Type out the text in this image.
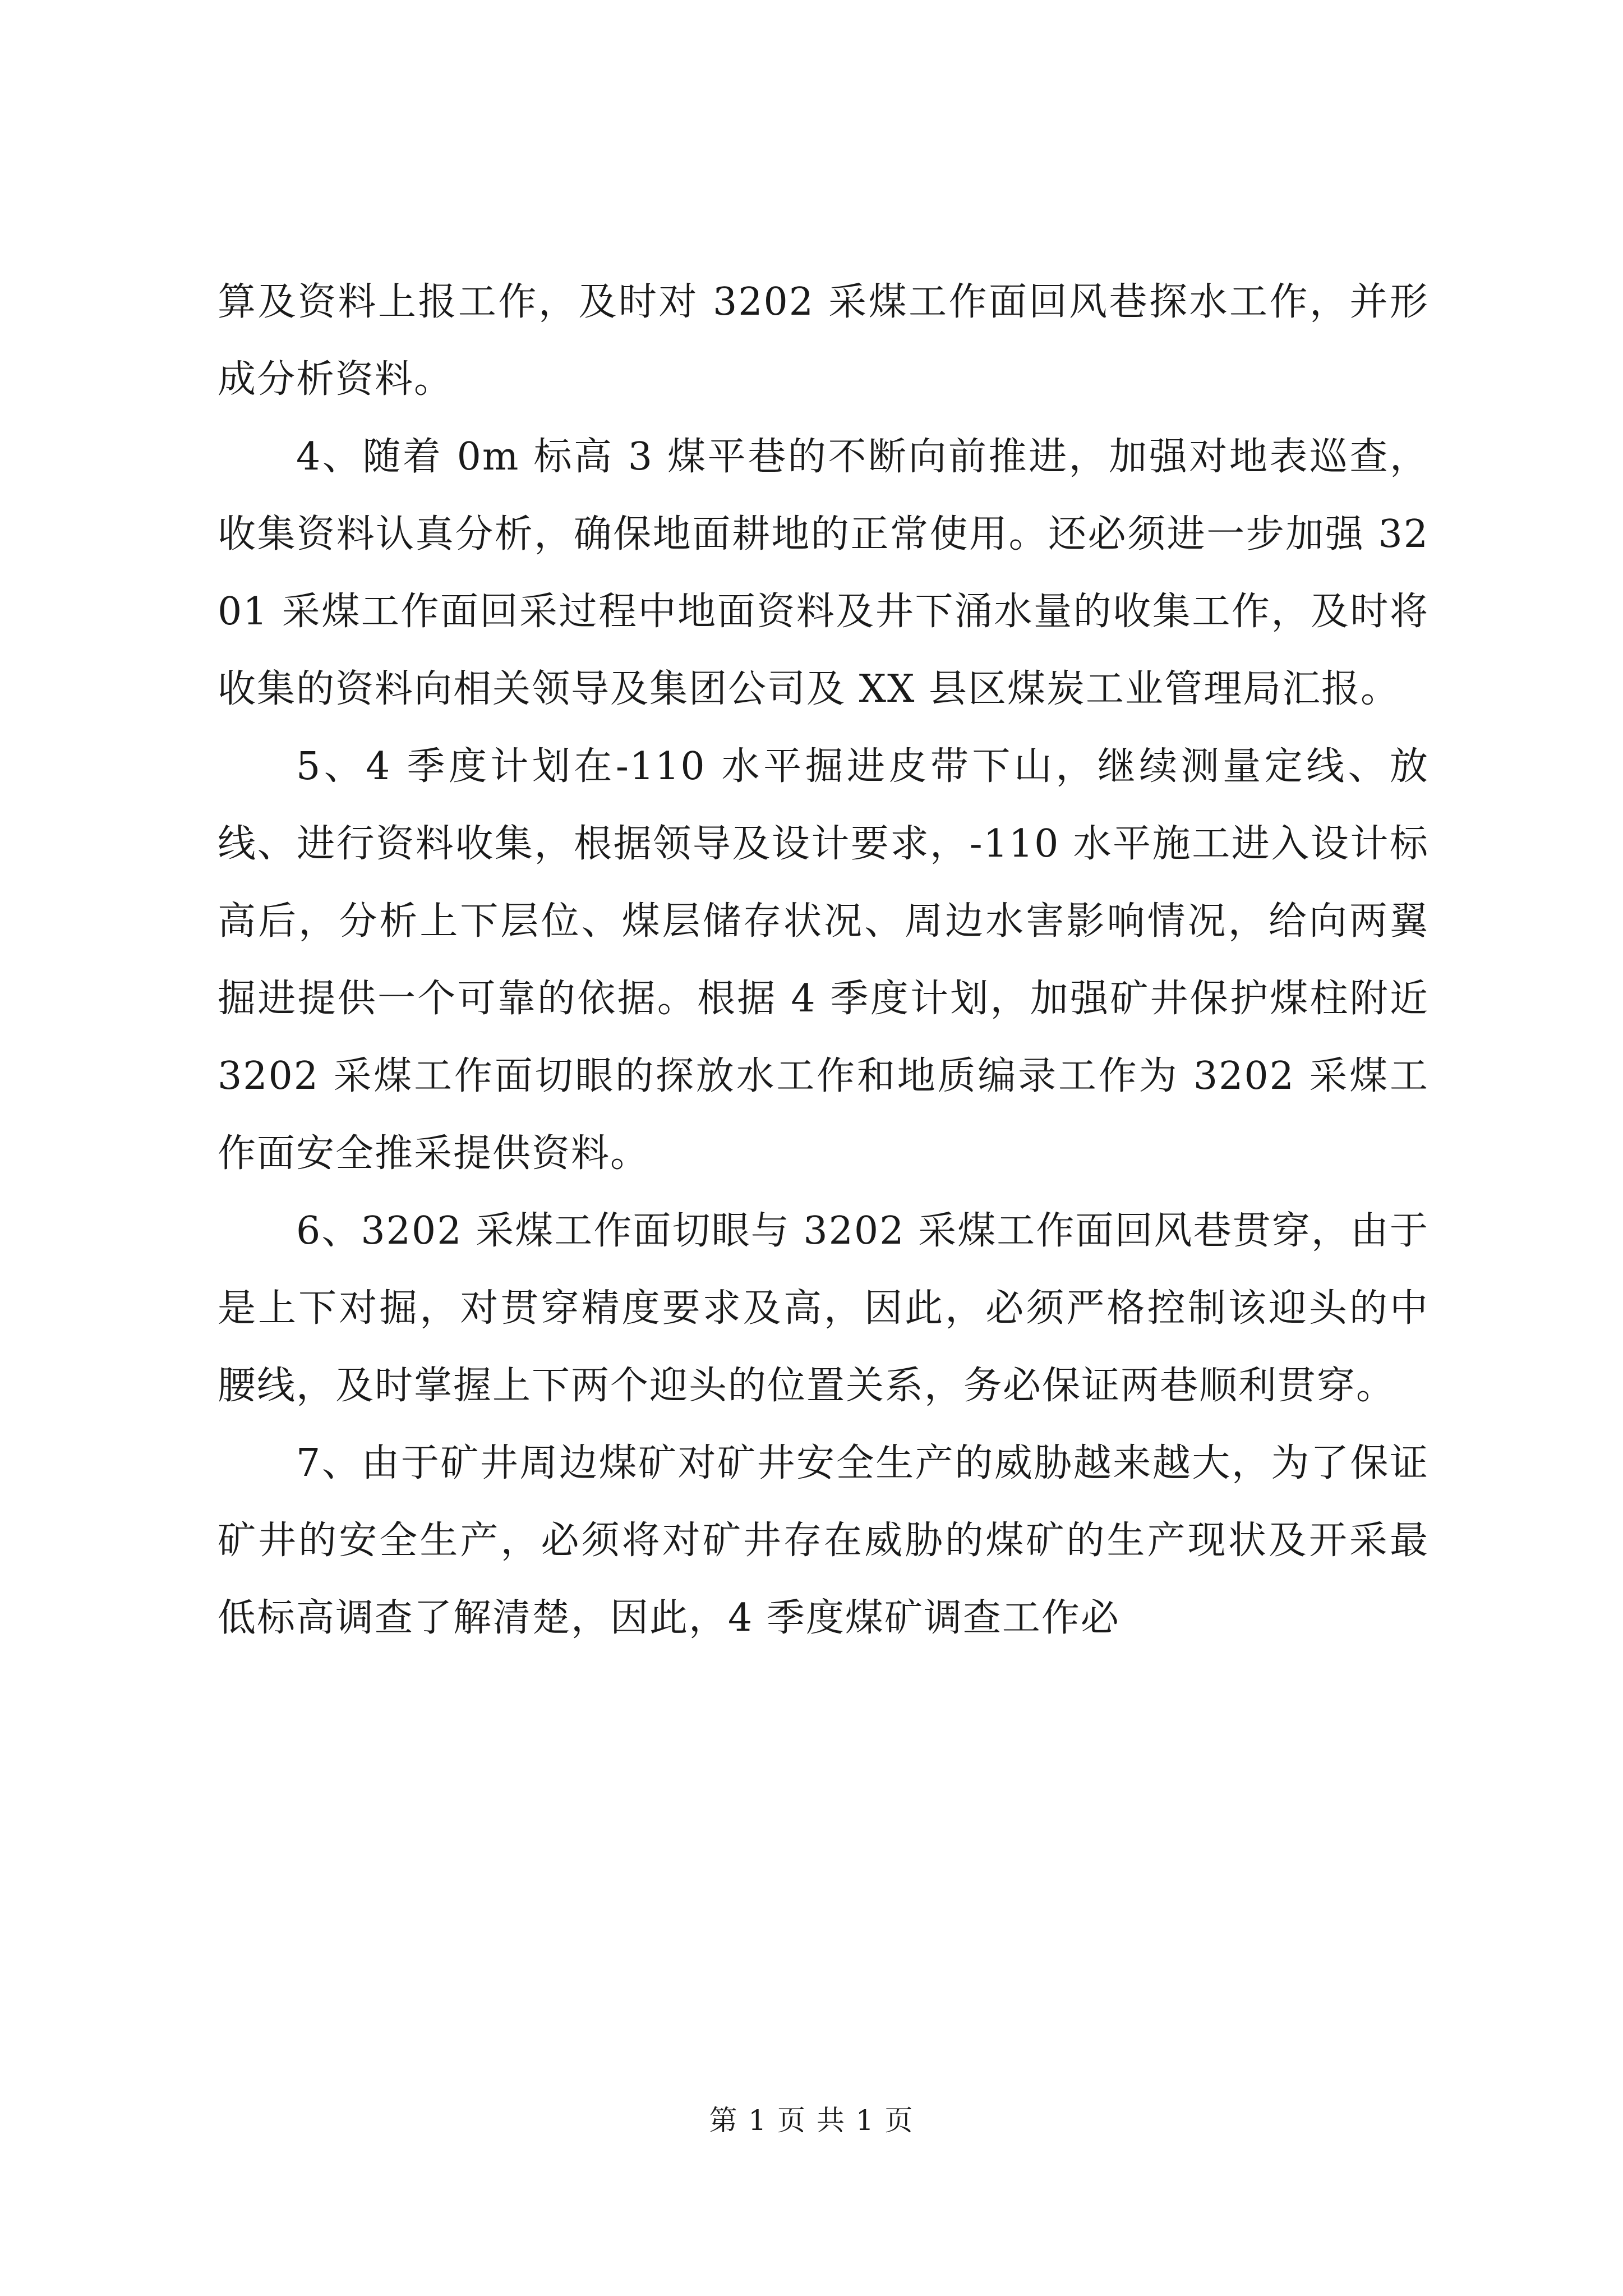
算及资料上报工作，及时对 3202 采煤工作面回风巷探水工作，并形成分析资料。

4、随着 0m 标高 3 煤平巷的不断向前推进，加强对地表巡查，收集资料认真分析，确保地面耕地的正常使用。还必须进一步加强 3201 采煤工作面回采过程中地面资料及井下涌水量的收集工作，及时将收集的资料向相关领导及集团公司及 XX 县区煤炭工业管理局汇报。

5、4 季度计划在-110 水平掘进皮带下山，继续测量定线、放线、进行资料收集，根据领导及设计要求，-110 水平施工进入设计标高后，分析上下层位、煤层储存状况、周边水害影响情况，给向两翼掘进提供一个可靠的依据。根据 4 季度计划，加强矿井保护煤柱附近 3202 采煤工作面切眼的探放水工作和地质编录工作为 3202 采煤工作面安全推采提供资料。

6、3202 采煤工作面切眼与 3202 采煤工作面回风巷贯穿，由于是上下对掘，对贯穿精度要求及高，因此，必须严格控制该迎头的中腰线，及时掌握上下两个迎头的位置关系，务必保证两巷顺利贯穿。

7、由于矿井周边煤矿对矿井安全生产的威胁越来越大，为了保证矿井的安全生产，必须将对矿井存在威胁的煤矿的生产现状及开采最低标高调查了解清楚，因此，4 季度煤矿调查工作必

第 1 页 共 1 页
